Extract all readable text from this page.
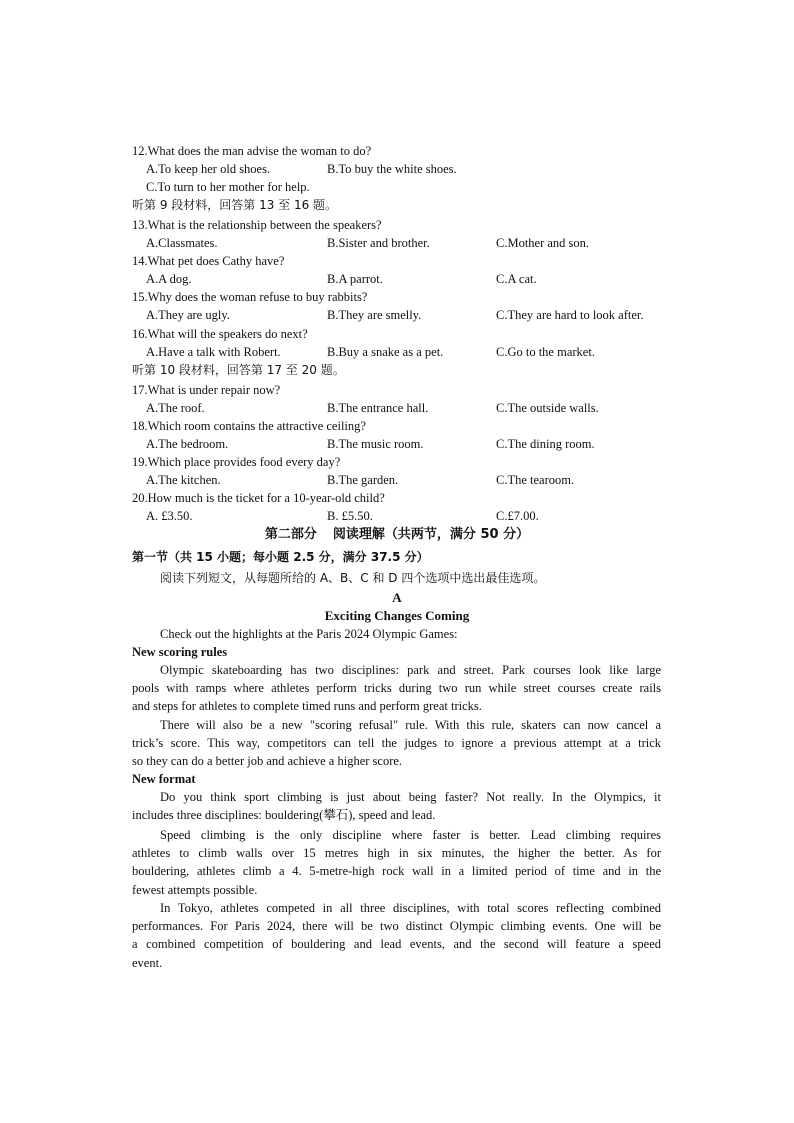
12.What does the man advise the woman to do?
A.To keep her old shoes.	B.To buy the white shoes.
C.To turn to her mother for help.
听第 9 段材料，回答第 13 至 16 题。
13.What is the relationship between the speakers?
A.Classmates.	B.Sister and brother.	C.Mother and son.
14.What pet does Cathy have?
A.A dog.	B.A parrot.	C.A cat.
15.Why does the woman refuse to buy rabbits?
A.They are ugly.	B.They are smelly.	C.They are hard to look after.
16.What will the speakers do next?
A.Have a talk with Robert.	B.Buy a snake as a pet.	C.Go to the market.
听第 10 段材料，回答第 17 至 20 题。
17.What is under repair now?
A.The roof.	B.The entrance hall.	C.The outside walls.
18.Which room contains the attractive ceiling?
A.The bedroom.	B.The music room.	C.The dining room.
19.Which place provides food every day?
A.The kitchen.	B.The garden.	C.The tearoom.
20.How much is the ticket for a 10-year-old child?
A. £3.50.	B. £5.50.	C.£7.00.
第二部分 阅读理解（共两节，满分 50 分）
第一节（共 15 小题；每小题 2.5 分，满分 37.5 分）
阅读下列短文，从每题所给的 A、B、C 和 D 四个选项中选出最佳选项。
A
Exciting Changes Coming
Check out the highlights at the Paris 2024 Olympic Games:
New scoring rules
Olympic skateboarding has two disciplines: park and street. Park courses look like large
pools with ramps where athletes perform tricks during two run while street courses create rails
and steps for athletes to complete timed runs and perform great tricks.
There will also be a new "scoring refusal" rule. With this rule, skaters can now cancel a
trick’s score. This way, competitors can tell the judges to ignore a previous attempt at a trick
so they can do a better job and achieve a higher score.
New format
Do you think sport climbing is just about being faster? Not really. In the Olympics, it
includes three disciplines: bouldering(攀石), speed and lead.
Speed climbing is the only discipline where faster is better. Lead climbing requires
athletes to climb walls over 15 metres high in six minutes, the higher the better. As for
bouldering, athletes climb a 4. 5-metre-high rock wall in a limited period of time and in the
fewest attempts possible.
In Tokyo, athletes competed in all three disciplines, with total scores reflecting combined
performances. For Paris 2024, there will be two distinct Olympic climbing events. One will be
a combined competition of bouldering and lead events, and the second will feature a speed
event.
